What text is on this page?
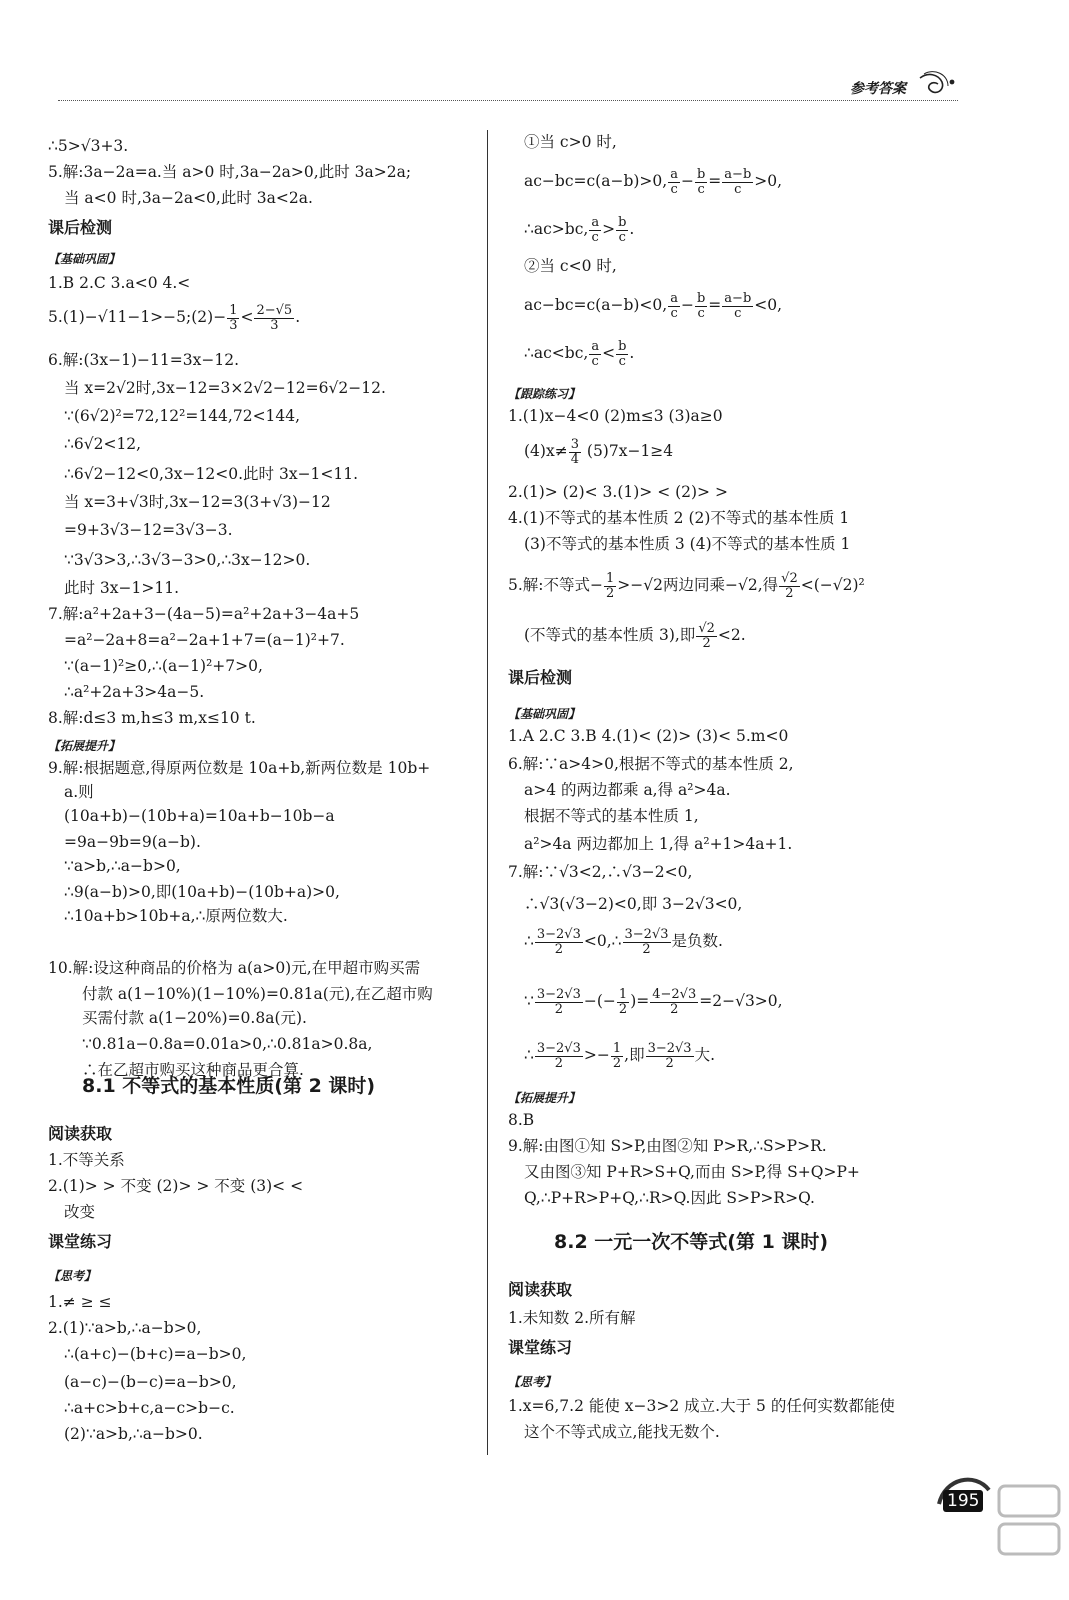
参考答案
∴5>√3+3.
5.解:3a−2a=a.当 a>0 时,3a−2a>0,此时 3a>2a;
当 a<0 时,3a−2a<0,此时 3a<2a.
课后检测
【基础巩固】
1.B 2.C 3.a<0 4.<
5.(1)−√11−1>−5;(2)− $\frac{1}{3} < \frac{2-√5}{3}$ .
6.解:(3x−1)−11=3x−12.
当 x=2√2时,3x−12=3×2√2−12=6√2−12.
∵(6√2)²=72,12²=144,72<144,
∴6√2<12,
∴6√2−12<0,3x−12<0.此时 3x−1<11.
当 x=3+√3时,3x−12=3(3+√3)−12
=9+3√3−12=3√3−3.
∵3√3>3,∴3√3−3>0,∴3x−12>0.
此时 3x−1>11.
7.解:a²+2a+3−(4a−5)=a²+2a+3−4a+5
=a²−2a+8=a²−2a+1+7=(a−1)²+7.
∵(a−1)²≥0,∴(a−1)²+7>0,
∴a²+2a+3>4a−5.
8.解:d≤3 m,h≤3 m,x≤10 t.
【拓展提升】
9.解:根据题意,得原两位数是 10a+b,新两位数是 10b+
a.则
(10a+b)−(10b+a)=10a+b−10b−a
=9a−9b=9(a−b).
∵a>b,∴a−b>0,
∴9(a−b)>0,即(10a+b)−(10b+a)>0,
∴10a+b>10b+a,∴原两位数大.
10.解:设这种商品的价格为 a(a>0)元,在甲超市购买需
付款 a(1−10%)(1−10%)=0.81a(元),在乙超市购
买需付款 a(1−20%)=0.8a(元).
∵0.81a−0.8a=0.01a>0,∴0.81a>0.8a,
∴在乙超市购买这种商品更合算.
8.1 不等式的基本性质(第 2 课时)
阅读获取
1.不等关系
2.(1)> > 不变 (2)> > 不变 (3)< <
改变
课堂练习
【思考】
1.≠ ≥ ≤
2.(1)∵a>b,∴a−b>0,
∴(a+c)−(b+c)=a−b>0,
(a−c)−(b−c)=a−b>0,
∴a+c>b+c,a−c>b−c.
(2)∵a>b,∴a−b>0.
①当 c>0 时,
ac−bc=c(a−b)>0, $\frac{a}{c} - \frac{b}{c} = \frac{a-b}{c} >0$,
∴ac>bc, $\frac{a}{c} > \frac{b}{c}$ .
②当 c<0 时,
ac−bc=c(a−b)<0, $\frac{a}{c} - \frac{b}{c} = \frac{a-b}{c} <0$,
∴ac<bc, $\frac{a}{c} < \frac{b}{c}$ .
【跟踪练习】
1.(1)x−4<0 (2)m≤3 (3)a≥0
$(4)x\ne \frac{3}{4} (5)7x-1\ge 4$
2.(1)> (2)< 3.(1)> < (2)> >
4.(1)不等式的基本性质 2 (2)不等式的基本性质 1
(3)不等式的基本性质 3 (4)不等式的基本性质 1
5.解:不等式− $\frac{1}{2} >-√2$两边同乘−√2,得 $\frac{√2}{2} <(-√2)^2$
(不等式的基本性质 3),即 $\frac{√2}{2} <2$.
课后检测
【基础巩固】
1.A 2.C 3.B 4.(1)< (2)> (3)< 5.m<0
6.解:∵a>4>0,根据不等式的基本性质 2,
a>4 的两边都乘 a,得 a²>4a.
根据不等式的基本性质 1,
a²>4a 两边都加上 1,得 a²+1>4a+1.
7.解:∵√3<2,∴√3−2<0,
∴√3(√3−2)<0,即 3−2√3<0,
∴ $\frac{3-2√3}{2}$ <0,∴ $\frac{3-2√3}{2}$ 是负数.
∵ $\frac{3-2√3}{2}$ −(− $\frac{1}{2}$ )= $\frac{4-2√3}{2} =2-√3>0$,
∴ $\frac{3-2√3}{2} >- \frac{1}{2}$ ,即 $\frac{3-2√3}{2}$ 大.
【拓展提升】
8.B
9.解:由图①知 S>P,由图②知 P>R,∴S>P>R.
又由图③知 P+R>S+Q,而由 S>P,得 S+Q>P+
Q,∴P+R>P+Q,∴R>Q.因此 S>P>R>Q.
8.2 一元一次不等式(第 1 课时)
阅读获取
1.未知数 2.所有解
课堂练习
【思考】
1.x=6,7.2 能使 x−3>2 成立.大于 5 的任何实数都能使
这个不等式成立,能找无数个.
195
